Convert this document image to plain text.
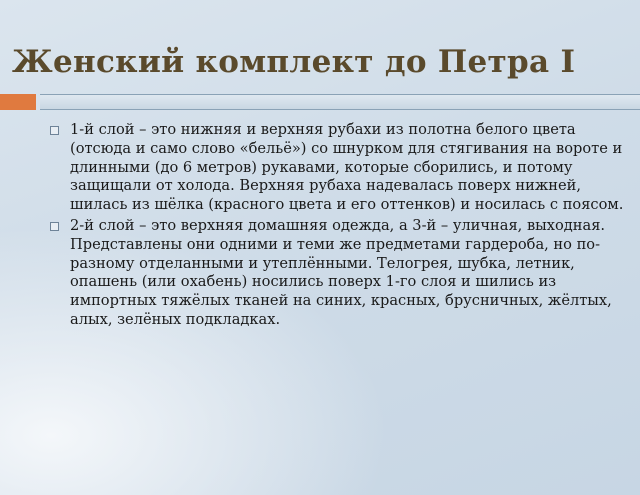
Женский комплект до Петра I
1-й слой – это нижняя и верхняя рубахи из полотна белого цвета (отсюда и само слово «бельё») со шнурком для стягивания на вороте и длинными (до 6 метров) рукавами, которые сборились, и потому защищали от холода. Верхняя рубаха надевалась поверх нижней, шилась из шёлка (красного цвета и его оттенков) и носилась с поясом.
2-й слой – это верхняя домашняя одежда, а 3-й – уличная, выходная. Представлены они одними и теми же предметами гардероба, но по-разному отделанными и утеплёнными. Телогрея, шубка, летник, опашень (или охабень) носились поверх 1-го слоя и шились из импортных тяжёлых тканей на синих, красных, брусничных, жёлтых, алых, зелёных подкладках.
